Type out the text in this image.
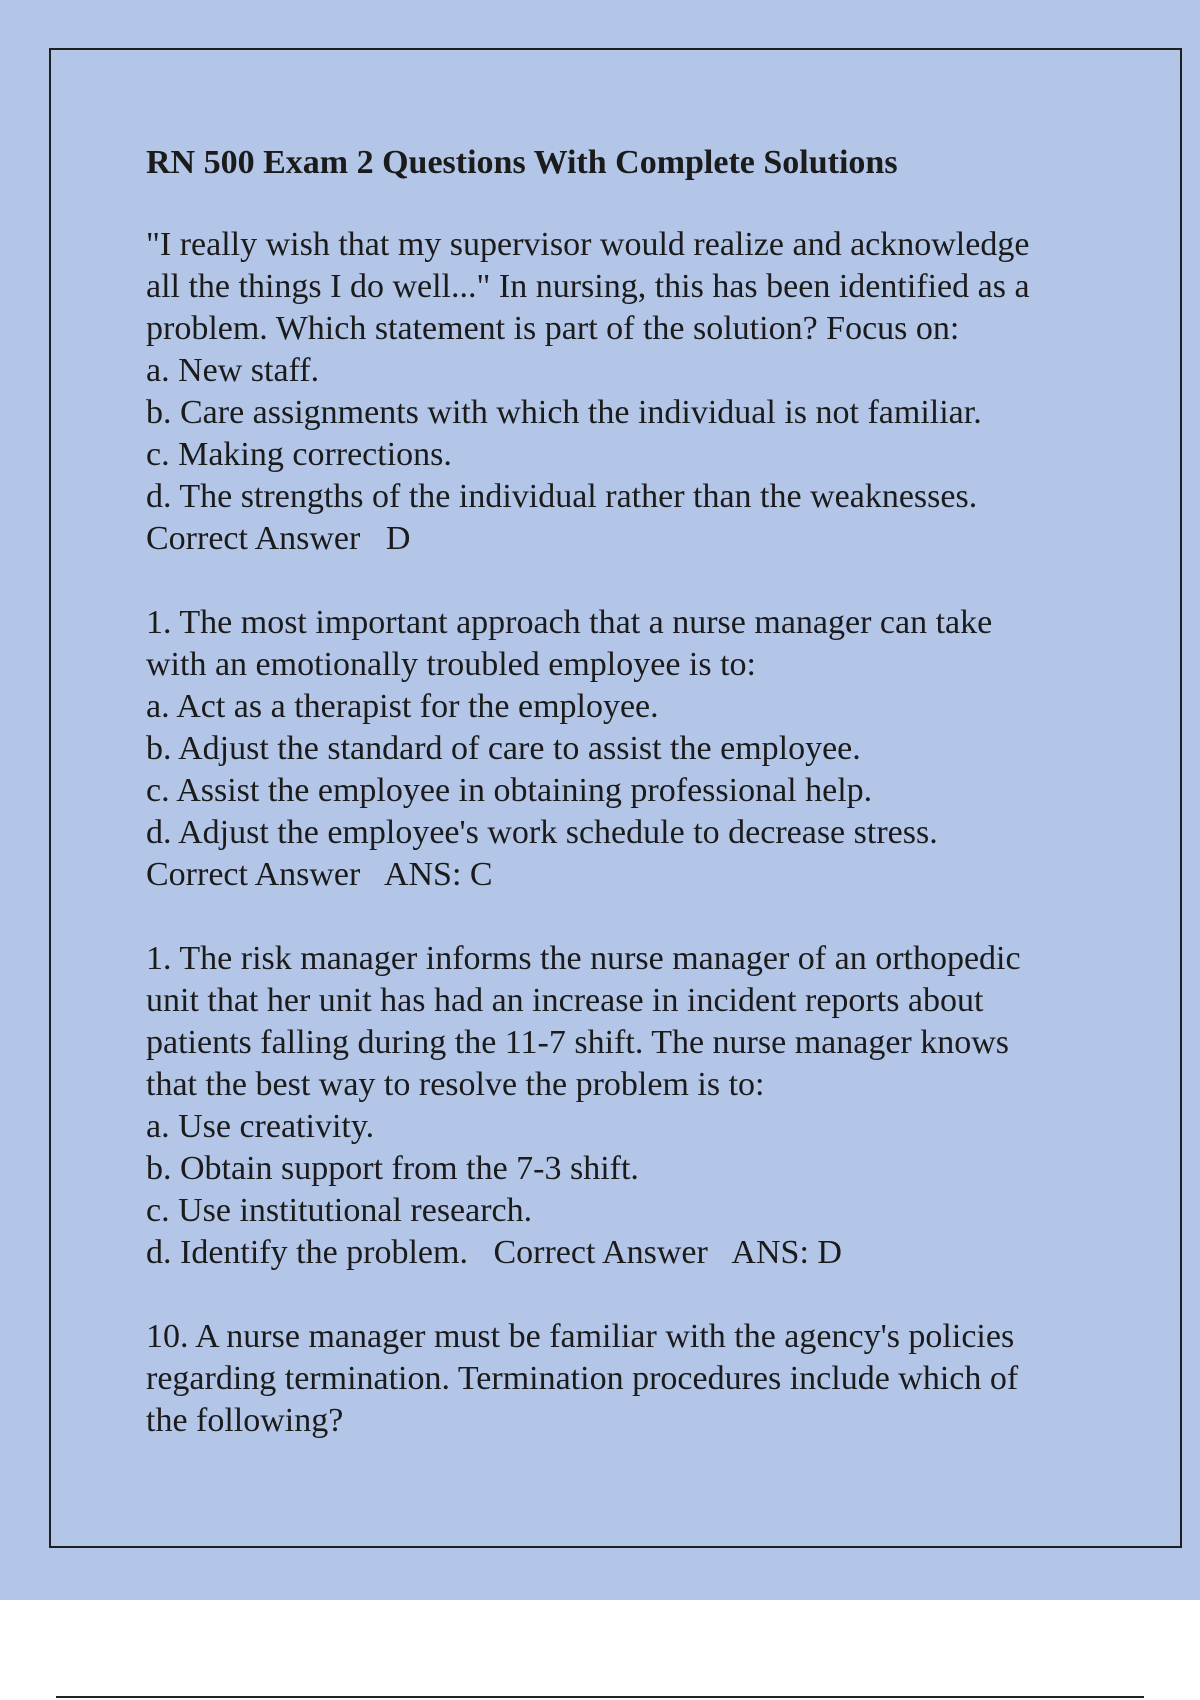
RN 500 Exam 2 Questions With Complete Solutions
"I really wish that my supervisor would realize and acknowledge
all the things I do well..." In nursing, this has been identified as a
problem. Which statement is part of the solution? Focus on:
a. New staff.
b. Care assignments with which the individual is not familiar.
c. Making corrections.
d. The strengths of the individual rather than the weaknesses.
Correct Answer   D
1. The most important approach that a nurse manager can take
with an emotionally troubled employee is to:
a. Act as a therapist for the employee.
b. Adjust the standard of care to assist the employee.
c. Assist the employee in obtaining professional help.
d. Adjust the employee's work schedule to decrease stress.
Correct Answer   ANS: C
1. The risk manager informs the nurse manager of an orthopedic
unit that her unit has had an increase in incident reports about
patients falling during the 11-7 shift. The nurse manager knows
that the best way to resolve the problem is to:
a. Use creativity.
b. Obtain support from the 7-3 shift.
c. Use institutional research.
d. Identify the problem.   Correct Answer   ANS: D
10. A nurse manager must be familiar with the agency's policies
regarding termination. Termination procedures include which of
the following?
